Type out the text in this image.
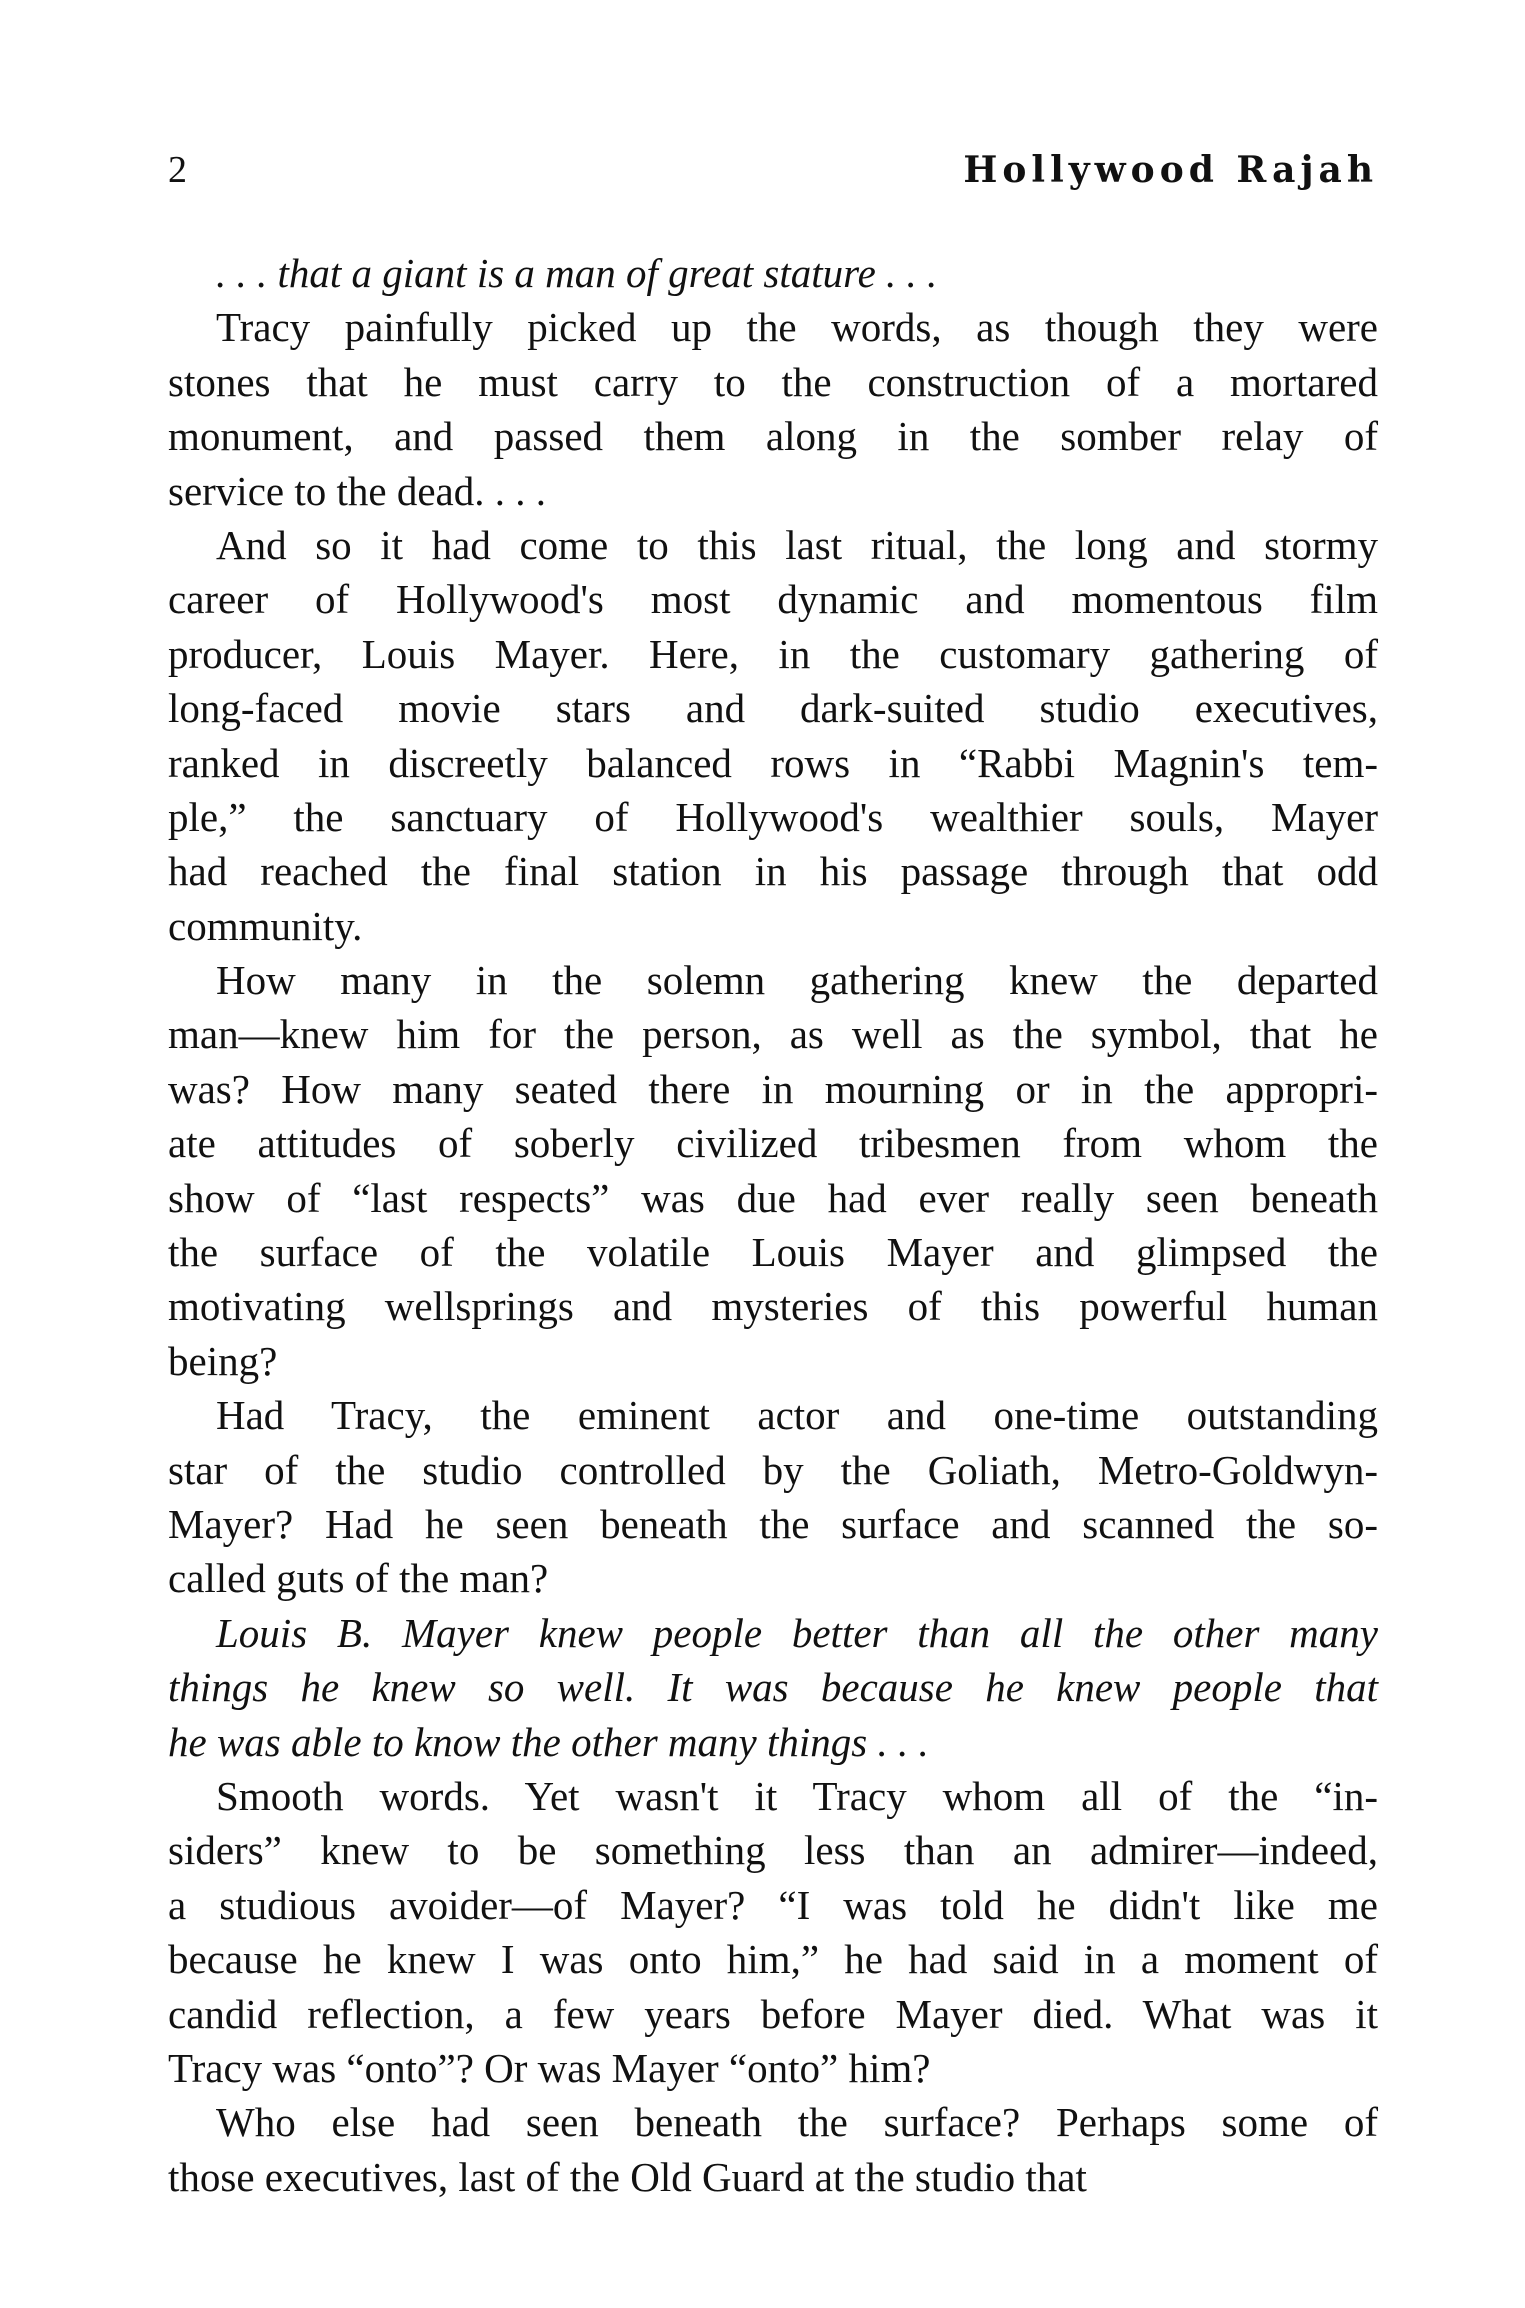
2	Hollywood Rajah
. . . that a giant is a man of great stature . . .
Tracy painfully picked up the words, as though they were
stones that he must carry to the construction of a mortared
monument, and passed them along in the somber relay of
service to the dead. . . .
And so it had come to this last ritual, the long and stormy
career of Hollywood's most dynamic and momentous film
producer, Louis Mayer. Here, in the customary gathering of
long-faced movie stars and dark-suited studio executives,
ranked in discreetly balanced rows in “Rabbi Magnin's tem-
ple,” the sanctuary of Hollywood's wealthier souls, Mayer
had reached the final station in his passage through that odd
community.
How many in the solemn gathering knew the departed
man—knew him for the person, as well as the symbol, that he
was? How many seated there in mourning or in the appropri-
ate attitudes of soberly civilized tribesmen from whom the
show of “last respects” was due had ever really seen beneath
the surface of the volatile Louis Mayer and glimpsed the
motivating wellsprings and mysteries of this powerful human
being?
Had Tracy, the eminent actor and one-time outstanding
star of the studio controlled by the Goliath, Metro-Goldwyn-
Mayer? Had he seen beneath the surface and scanned the so-
called guts of the man?
Louis B. Mayer knew people better than all the other many
things he knew so well. It was because he knew people that
he was able to know the other many things . . .
Smooth words. Yet wasn't it Tracy whom all of the “in-
siders” knew to be something less than an admirer—indeed,
a studious avoider—of Mayer? “I was told he didn't like me
because he knew I was onto him,” he had said in a moment of
candid reflection, a few years before Mayer died. What was it
Tracy was “onto”? Or was Mayer “onto” him?
Who else had seen beneath the surface? Perhaps some of
those executives, last of the Old Guard at the studio that
